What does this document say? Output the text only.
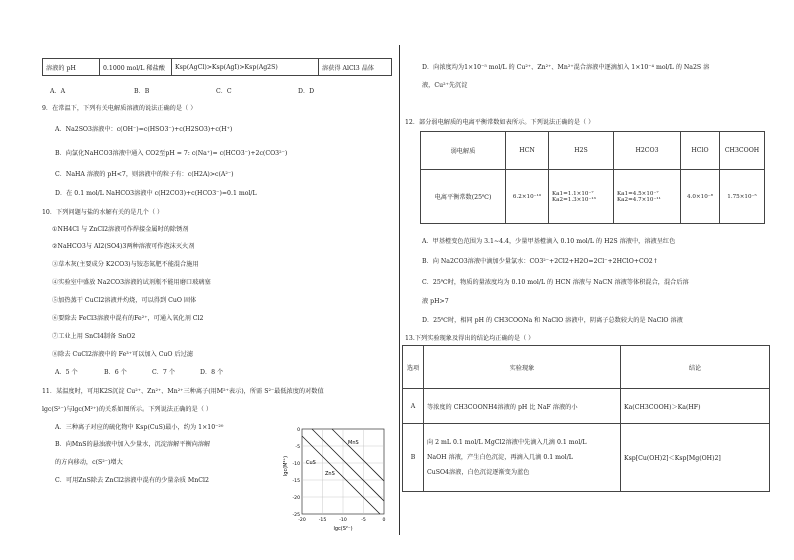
溶液的 pH	0.1000 mol/L 稀盐酸	Ksp(AgCl)>Ksp(AgI)>Ksp(Ag2S)	溶获得 AlCl3 晶体
A．A	B．B	C．C	D．D
9．在常温下，下列有关电解质溶液的说法正确的是（ ）
A．Na2SO3溶液中：c(OH⁻)=c(HSO3⁻)+c(H2SO3)+c(H⁺)
B．向氯化NaHCO3溶液中通入 CO2至pH = 7: c(Na⁺)= c(HCO3⁻)+2c(CO3²⁻)
C．NaHA 溶液的 pH<7，则溶液中的粒子有：c(H2A)>c(A²⁻)
D．在 0.1 mol/L NaHCO3溶液中 c(H2CO3)+c(HCO3⁻)=0.1 mol/L
10．下列问题与盐的水解有关的是几个（ ）
①NH4Cl 与 ZnCl2溶液可作焊接金属时的除锈剂
②NaHCO3与 Al2(SO4)3两种溶液可作泡沫灭火剂
③草木灰(主要成分 K2CO3)与铵态氮肥不能混合施用
④实验室中盛放 Na2CO3溶液的试剂瓶不能用磨口玻璃塞
⑤加热蒸干 CuCl2溶液并灼烧，可以得到 CuO 固体
⑥要除去 FeCl3溶液中混有的Fe²⁺，可通入氧化剂 Cl2
⑦工业上用 SnCl4制备 SnO2
⑧除去 CuCl2溶液中的 Fe³⁺可以加入 CuO 后过滤
A．5 个	B．6 个	C．7 个	D．8 个
11．某温度时，可用K2S沉淀 Cu²⁺、Zn²⁺、Mn²⁺三种离子(用M²⁺表示)，所需 S²⁻最低浓度的对数值
lgc(S²⁻)与lgc(M²⁺)的关系如图所示。下列说法正确的是（ ）
A．三种离子对应的硫化物中 Ksp(CuS)最小，约为 1×10⁻²⁰
B．向MnS的悬浊液中加入少量水，沉淀溶解平衡向溶解
的方向移动，c(S²⁻)增大
C．可用ZnS除去 ZnCl2溶液中混有的少量杂质 MnCl2
lgc(M²⁺)
0
-5
-10
-15
-20
-25
-20	-15	-10	-5	0
MnS
CuS
ZnS
lgc(S²⁻)
D．向浓度均为1×10⁻⁵ mol/L 的 Cu²⁺、Zn²⁺、Mn²⁺混合溶液中逐滴加入 1×10⁻⁴ mol/L 的 Na2S 溶
液，Cu²⁺先沉淀
12．部分弱电解质的电离平衡常数如表所示。下列说法正确的是（ ）
弱电解质	HCN	H2S	H2CO3	HClO	CH3COOH
电离平衡常数(25℃)	6.2×10⁻¹⁰	Ka1=1.1×10⁻⁷ Ka2=1.3×10⁻¹³	Ka1=4.5×10⁻⁷ Ka2=4.7×10⁻¹¹	4.0×10⁻⁸	1.75×10⁻⁵
A．甲基橙变色范围为 3.1~4.4，少量甲基橙滴入 0.10 mol/L 的 H2S 溶液中，溶液呈红色
B．向 Na2CO3溶液中滴加少量氯水：CO3²⁻+2Cl2+H2O=2Cl⁻+2HClO+CO2↑
C．25℃时，物质的量浓度均为 0.10 mol/L 的 HCN 溶液与 NaCN 溶液等体积混合，混合后溶
液 pH>7
D．25℃时，相同 pH 的 CH3COONa 和 NaClO 溶液中，阴离子总数较大的是 NaClO 溶液
13.下列实验现象及得出的结论均正确的是（ ）
选项	实验现象	结论
A	等浓度的 CH3COONH4溶液的 pH 比 NaF 溶液的小	Ka(CH3COOH)＞Ka(HF)
B	向 2 mL 0.1 mol/L MgCl2溶液中先滴入几滴 0.1 mol/L
NaOH 溶液，产生白色沉淀，再滴入几滴 0.1 mol/L
CuSO4溶液，白色沉淀逐渐变为蓝色	Ksp[Cu(OH)2]＜Ksp[Mg(OH)2]
